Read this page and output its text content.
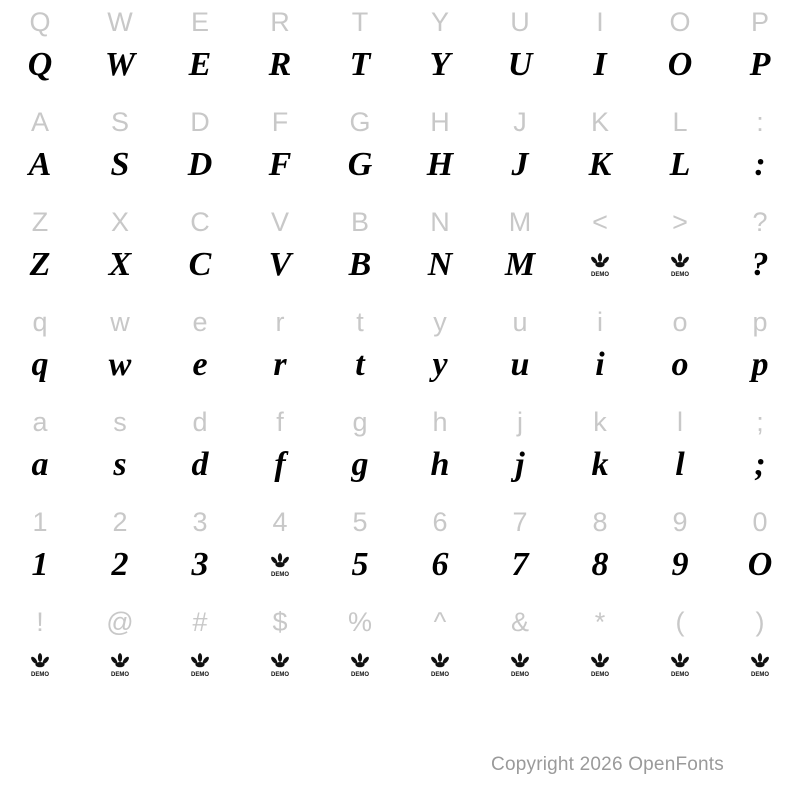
Q
Q
W
W
E
E
R
R
T
T
Y
Y
U
U
I
I
O
O
P
P
A
A
S
S
D
D
F
F
G
G
H
H
J
J
K
K
L
L
:
:
Z
Z
X
X
C
C
V
V
B
B
N
N
M
M
<
DEMO
>
DEMO
?
?
q
q
w
w
e
e
r
r
t
t
y
y
u
u
i
i
o
o
p
p
a
a
s
s
d
d
f
f
g
g
h
h
j
j
k
k
l
l
;
;
1
1
2
2
3
3
4
DEMO
5
5
6
6
7
7
8
8
9
9
0
O
!
DEMO
@
DEMO
#
DEMO
$
DEMO
%
DEMO
^
DEMO
&
DEMO
*
DEMO
(
DEMO
)
DEMO
Copyright 2026 OpenFonts
